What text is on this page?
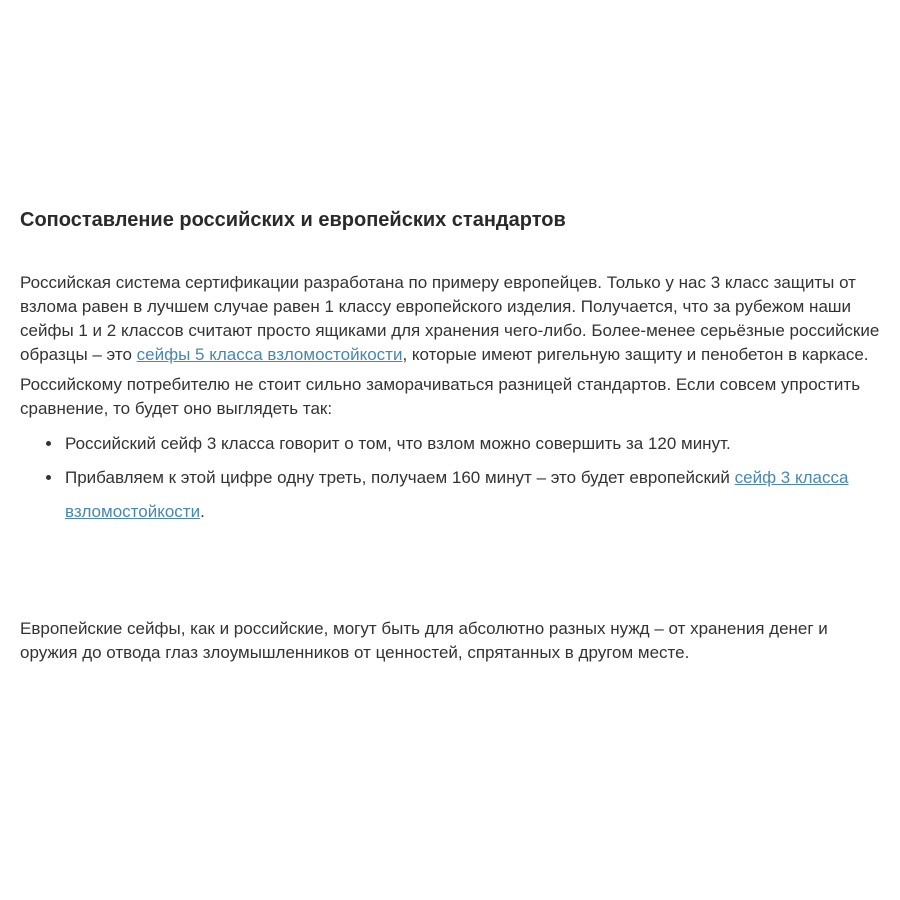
Сопоставление российских и европейских стандартов

Российская система сертификации разработана по примеру европейцев. Только у нас 3 класс защиты от взлома равен в лучшем случае равен 1 классу европейского изделия. Получается, что за рубежом наши сейфы 1 и 2 классов считают просто ящиками для хранения чего-либо. Более-менее серьёзные российские образцы – это сейфы 5 класса взломостойкости, которые имеют ригельную защиту и пенобетон в каркасе.

Российскому потребителю не стоит сильно заморачиваться разницей стандартов. Если совсем упростить сравнение, то будет оно выглядеть так:

• Российский сейф 3 класса говорит о том, что взлом можно совершить за 120 минут.
• Прибавляем к этой цифре одну треть, получаем 160 минут – это будет европейский сейф 3 класса взломостойкости.

Европейские сейфы, как и российские, могут быть для абсолютно разных нужд – от хранения денег и оружия до отвода глаз злоумышленников от ценностей, спрятанных в другом месте.
